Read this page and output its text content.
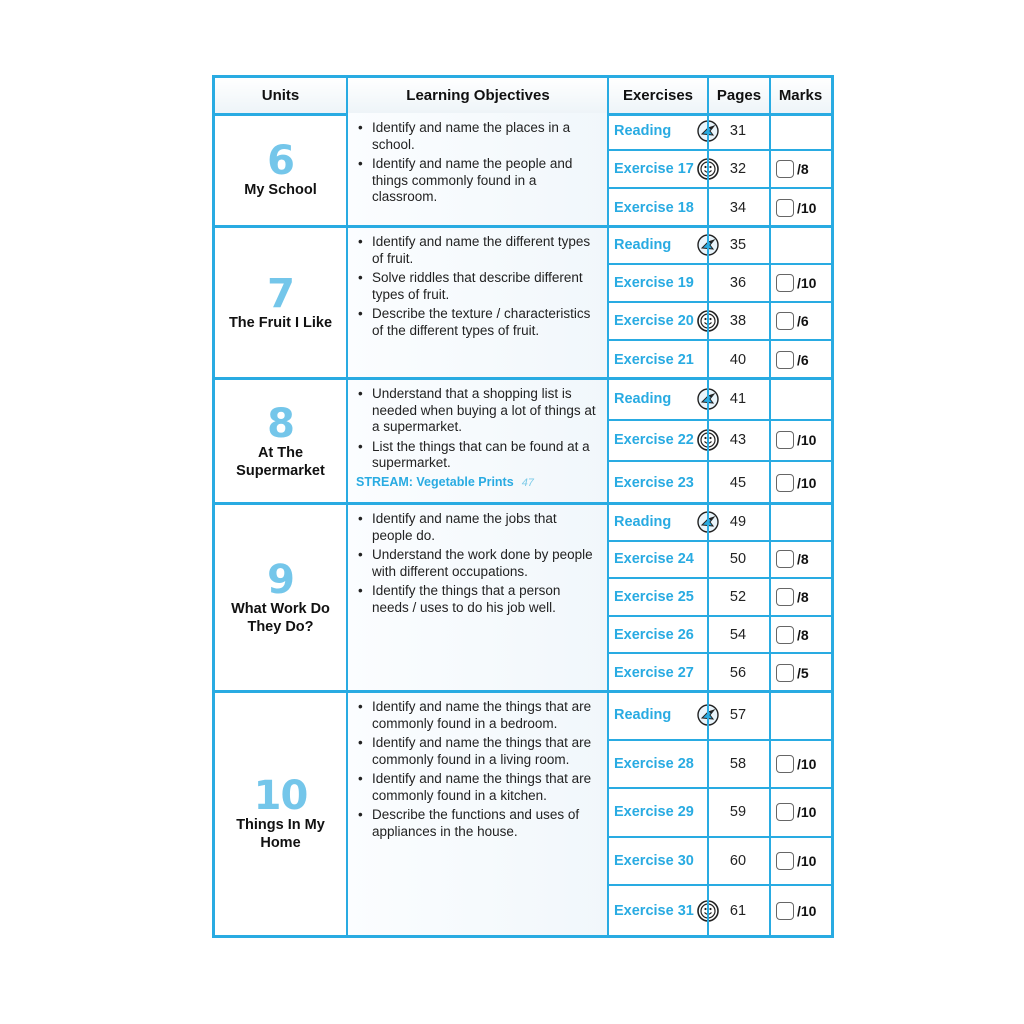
Units	Learning Objectives	Exercises	Pages	Marks
6
My School
• Identify and name the places in a school.
• Identify and name the people and things commonly found in a classroom.
Reading	31
Exercise 17	32	/8
Exercise 18	34	/10
7
The Fruit I Like
• Identify and name the different types of fruit.
• Solve riddles that describe different types of fruit.
• Describe the texture / characteristics of the different types of fruit.
Reading	35
Exercise 19	36	/10
Exercise 20	38	/6
Exercise 21	40	/6
8
At The Supermarket
• Understand that a shopping list is needed when buying a lot of things at a supermarket.
• List the things that can be found at a supermarket.
STREAM: Vegetable Prints 47
Reading	41
Exercise 22	43	/10
Exercise 23	45	/10
9
What Work Do They Do?
• Identify and name the jobs that people do.
• Understand the work done by people with different occupations.
• Identify the things that a person needs / uses to do his job well.
Reading	49
Exercise 24	50	/8
Exercise 25	52	/8
Exercise 26	54	/8
Exercise 27	56	/5
10
Things In My Home
• Identify and name the things that are commonly found in a bedroom.
• Identify and name the things that are commonly found in a living room.
• Identify and name the things that are commonly found in a kitchen.
• Describe the functions and uses of appliances in the house.
Reading	57
Exercise 28	58	/10
Exercise 29	59	/10
Exercise 30	60	/10
Exercise 31	61	/10
